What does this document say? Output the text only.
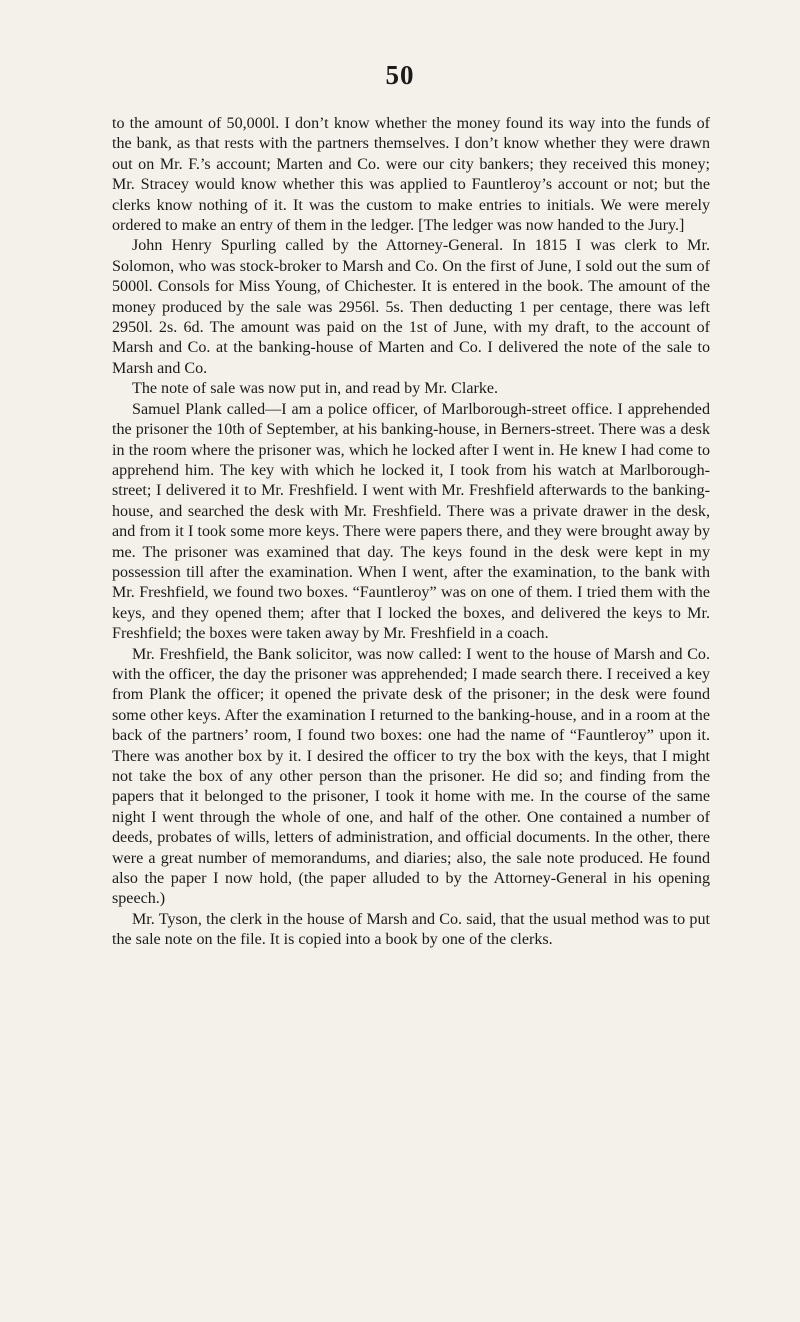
50

to the amount of 50,000l. I don’t know whether the money found its way into the funds of the bank, as that rests with the partners themselves. I don’t know whether they were drawn out on Mr. F.’s account; Marten and Co. were our city bankers; they received this money; Mr. Stracey would know whether this was applied to Fauntleroy’s account or not; but the clerks know nothing of it. It was the custom to make entries to initials. We were merely ordered to make an entry of them in the ledger. [The ledger was now handed to the Jury.]

John Henry Spurling called by the Attorney-General. In 1815 I was clerk to Mr. Solomon, who was stock-broker to Marsh and Co. On the first of June, I sold out the sum of 5000l. Consols for Miss Young, of Chichester. It is entered in the book. The amount of the money produced by the sale was 2956l. 5s. Then deducting 1 per centage, there was left 2950l. 2s. 6d. The amount was paid on the 1st of June, with my draft, to the account of Marsh and Co. at the banking-house of Marten and Co. I delivered the note of the sale to Marsh and Co.

The note of sale was now put in, and read by Mr. Clarke.

Samuel Plank called—I am a police officer, of Marlborough-street office. I apprehended the prisoner the 10th of September, at his banking-house, in Berners-street. There was a desk in the room where the prisoner was, which he locked after I went in. He knew I had come to apprehend him. The key with which he locked it, I took from his watch at Marlborough-street; I delivered it to Mr. Freshfield. I went with Mr. Freshfield afterwards to the banking-house, and searched the desk with Mr. Freshfield. There was a private drawer in the desk, and from it I took some more keys. There were papers there, and they were brought away by me. The prisoner was examined that day. The keys found in the desk were kept in my possession till after the examination. When I went, after the examination, to the bank with Mr. Freshfield, we found two boxes. “Fauntleroy” was on one of them. I tried them with the keys, and they opened them; after that I locked the boxes, and delivered the keys to Mr. Freshfield; the boxes were taken away by Mr. Freshfield in a coach.

Mr. Freshfield, the Bank solicitor, was now called: I went to the house of Marsh and Co. with the officer, the day the prisoner was apprehended; I made search there. I received a key from Plank the officer; it opened the private desk of the prisoner; in the desk were found some other keys. After the examination I returned to the banking-house, and in a room at the back of the partners’ room, I found two boxes: one had the name of “Fauntleroy” upon it. There was another box by it. I desired the officer to try the box with the keys, that I might not take the box of any other person than the prisoner. He did so; and finding from the papers that it belonged to the prisoner, I took it home with me. In the course of the same night I went through the whole of one, and half of the other. One contained a number of deeds, probates of wills, letters of administration, and official documents. In the other, there were a great number of memorandums, and diaries; also, the sale note produced. He found also the paper I now hold, (the paper alluded to by the Attorney-General in his opening speech.)

Mr. Tyson, the clerk in the house of Marsh and Co. said, that the usual method was to put the sale note on the file. It is copied into a book by one of the clerks.
